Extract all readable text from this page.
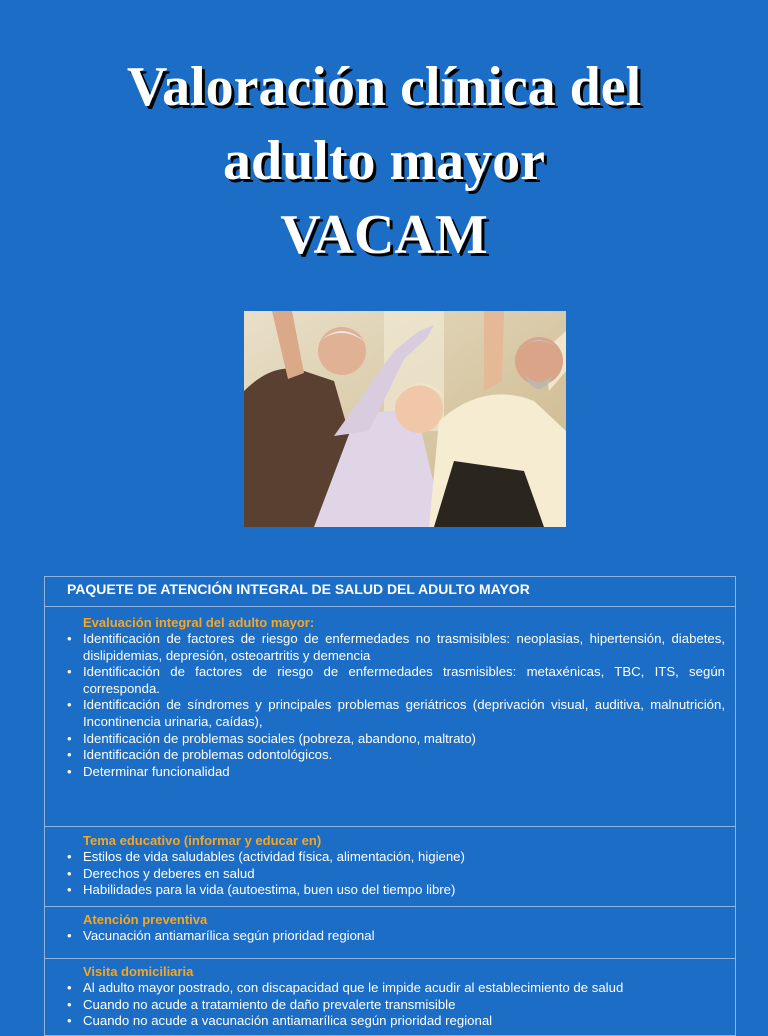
Valoración clínica del
adulto mayor
VACAM
PAQUETE DE ATENCIÓN INTEGRAL DE SALUD DEL ADULTO MAYOR
Evaluación integral del adulto mayor:
• Identificación de factores de riesgo de enfermedades no trasmisibles: neoplasias, hipertensión, diabetes, dislipidemias, depresión, osteoartritis y demencia
• Identificación de factores de riesgo de enfermedades trasmisibles: metaxénicas, TBC, ITS, según corresponda.
• Identificación de síndromes y principales problemas geriátricos (deprivación visual, auditiva, malnutrición, Incontinencia urinaria, caídas),
• Identificación de problemas sociales (pobreza, abandono, maltrato)
• Identificación de problemas odontológicos.
• Determinar funcionalidad
Tema educativo (informar y educar en)
• Estilos de vida saludables (actividad física, alimentación, higiene)
• Derechos y deberes en salud
• Habilidades para la vida (autoestima, buen uso del tiempo libre)
Atención preventiva
• Vacunación antiamarílica según prioridad regional
Visita domiciliaria
• Al adulto mayor postrado, con discapacidad que le impide acudir al establecimiento de salud
• Cuando no acude a tratamiento de daño prevalerte transmisible
• Cuando no acude a vacunación antiamarílica según prioridad regional
